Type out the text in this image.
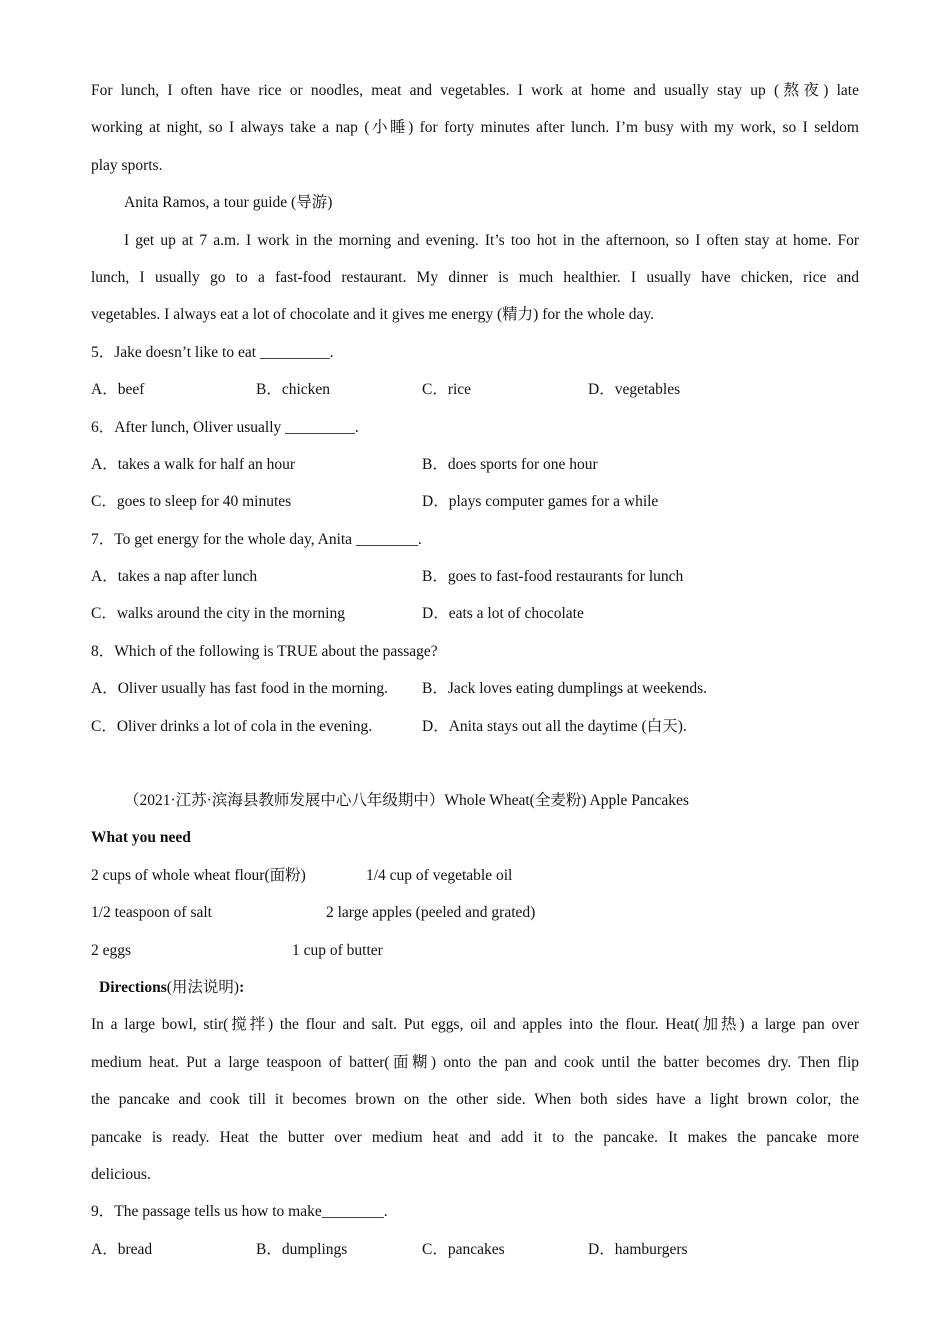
For lunch, I often have rice or noodles, meat and vegetables. I work at home and usually stay up (熬夜) late
working at night, so I always take a nap (小睡) for forty minutes after lunch. I’m busy with my work, so I seldom
play sports.
Anita Ramos, a tour guide (导游)
I get up at 7 a.m. I work in the morning and evening. It’s too hot in the afternoon, so I often stay at home. For
lunch, I usually go to a fast-food restaurant. My dinner is much healthier. I usually have chicken, rice and
vegetables. I always eat a lot of chocolate and it gives me energy (精力) for the whole day.
5．Jake doesn’t like to eat _________.
A．beef	B．chicken	C．rice	D．vegetables
6．After lunch, Oliver usually _________.
A．takes a walk for half an hour	B．does sports for one hour
C．goes to sleep for 40 minutes	D．plays computer games for a while
7．To get energy for the whole day, Anita ________.
A．takes a nap after lunch	B．goes to fast-food restaurants for lunch
C．walks around the city in the morning	D．eats a lot of chocolate
8．Which of the following is TRUE about the passage?
A．Oliver usually has fast food in the morning.	B．Jack loves eating dumplings at weekends.
C．Oliver drinks a lot of cola in the evening.	D．Anita stays out all the daytime (白天).
（2021·江苏·滨海县教师发展中心八年级期中）Whole Wheat(全麦粉) Apple Pancakes
What you need
2 cups of whole wheat flour(面粉)	1/4 cup of vegetable oil
1/2 teaspoon of salt	2 large apples (peeled and grated)
2 eggs	1 cup of butter
Directions(用法说明):
In a large bowl, stir(搅拌) the flour and salt. Put eggs, oil and apples into the flour. Heat(加热) a large pan over
medium heat. Put a large teaspoon of batter(面糊) onto the pan and cook until the batter becomes dry. Then flip
the pancake and cook till it becomes brown on the other side. When both sides have a light brown color, the
pancake is ready. Heat the butter over medium heat and add it to the pancake. It makes the pancake more
delicious.
9．The passage tells us how to make________.
A．bread	B．dumplings	C．pancakes	D．hamburgers
